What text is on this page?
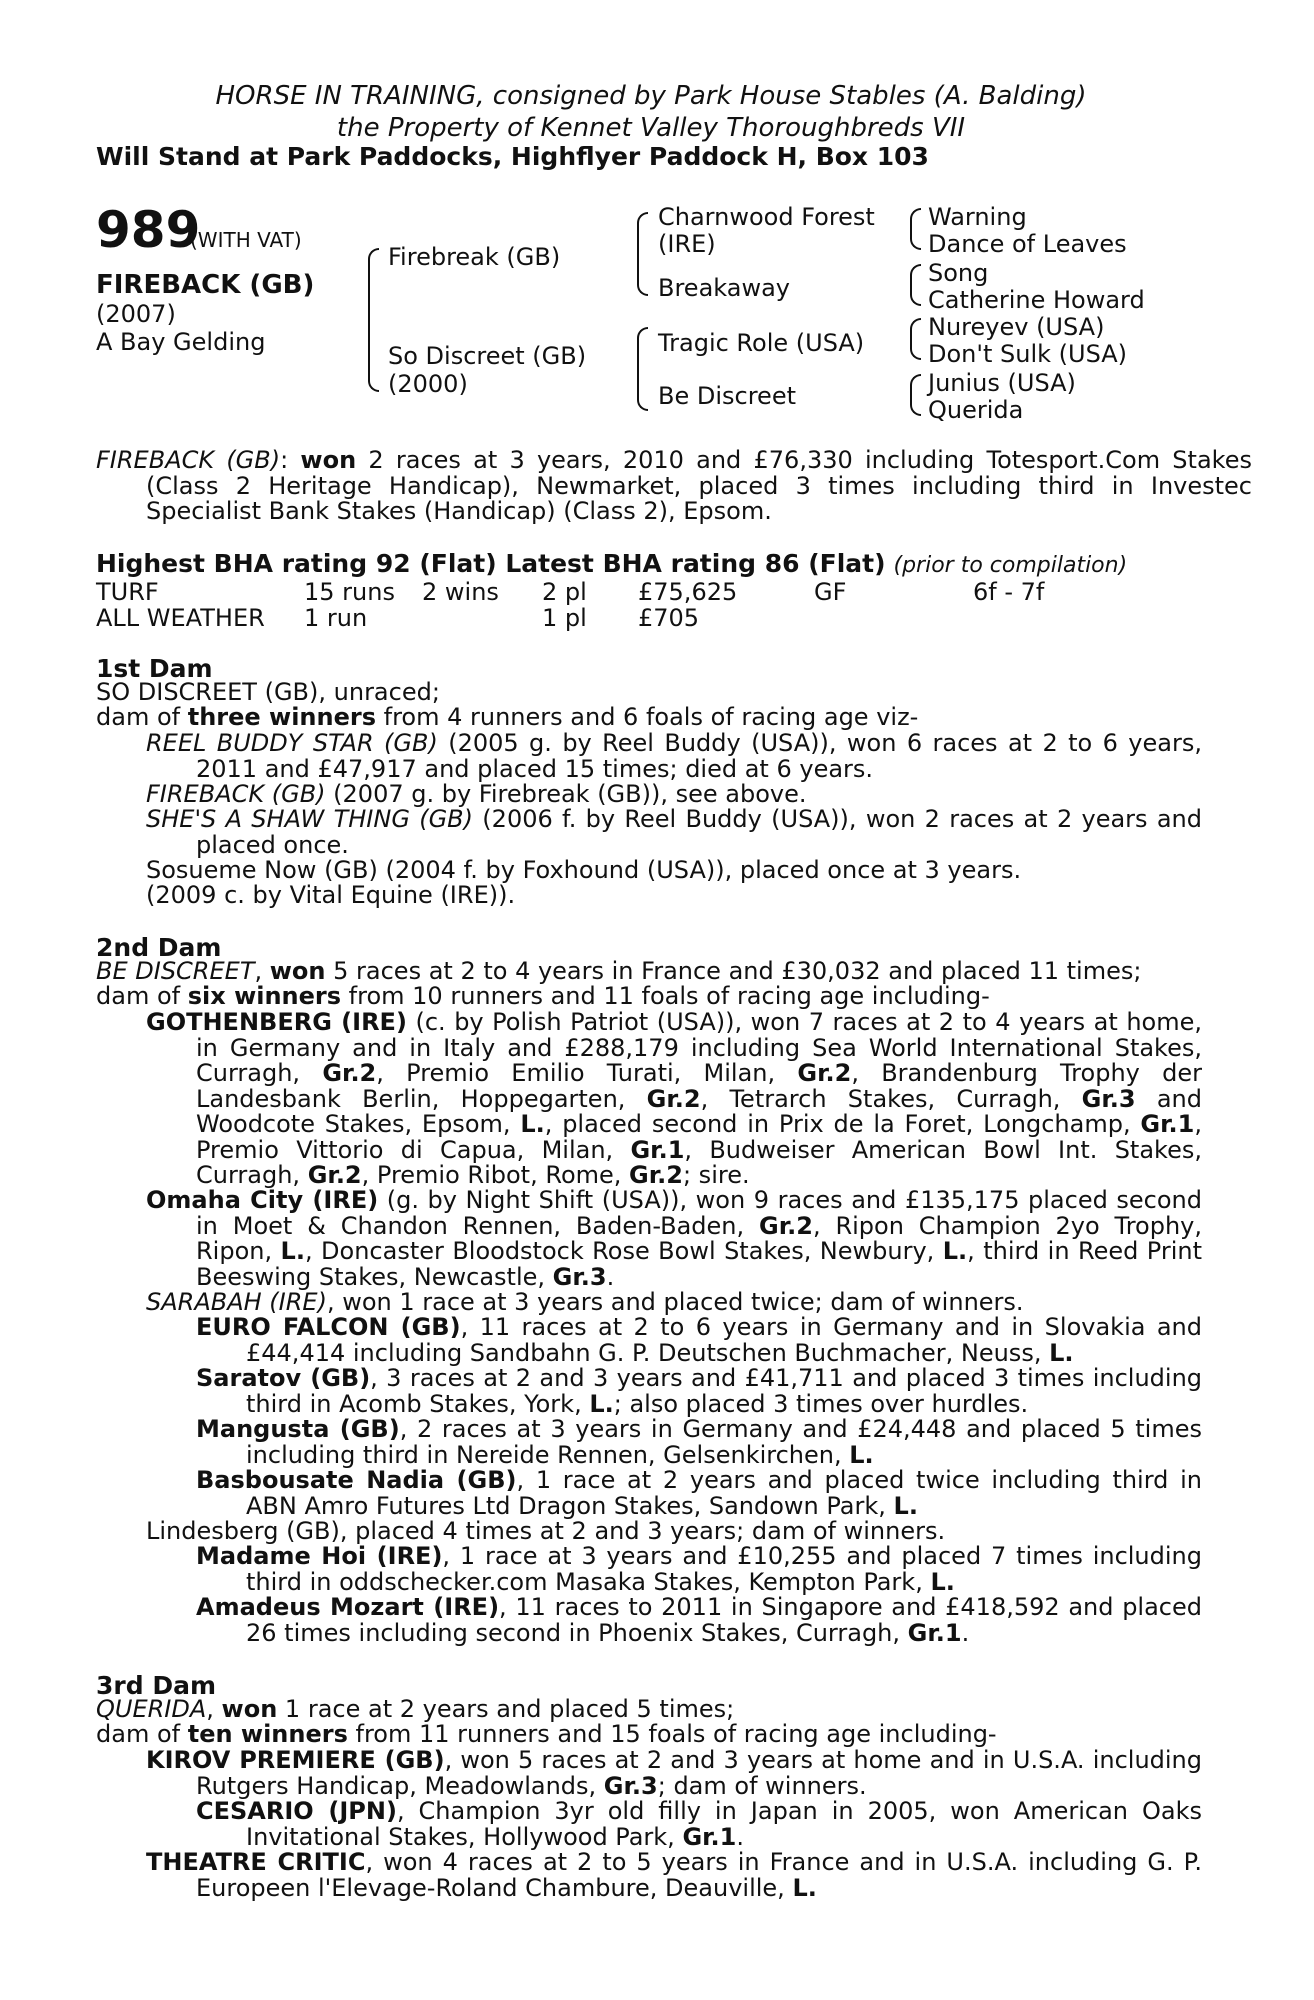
HORSE IN TRAINING, consigned by Park House Stables (A. Balding)
the Property of Kennet Valley Thoroughbreds VII
Will Stand at Park Paddocks, Highflyer Paddock H, Box 103
989
(WITH VAT)
FIREBACK (GB)
(2007)
A Bay Gelding
Firebreak (GB)
So Discreet (GB)
(2000)
Charnwood Forest
(IRE)
Breakaway
Tragic Role (USA)
Be Discreet
Warning
Dance of Leaves
Song
Catherine Howard
Nureyev (USA)
Don't Sulk (USA)
Junius (USA)
Querida
FIREBACK (GB): won 2 races at 3 years, 2010 and £76,330 including Totesport.Com Stakes (Class 2 Heritage Handicap), Newmarket, placed 3 times including third in Investec Specialist Bank Stakes (Handicap) (Class 2), Epsom.
Highest BHA rating 92 (Flat) Latest BHA rating 86 (Flat) (prior to compilation)
TURF	15 runs 2 wins 2 pl £75,625	GF	6f - 7f
ALL WEATHER 1 run	1 pl £705
1st Dam
SO DISCREET (GB), unraced;
dam of three winners from 4 runners and 6 foals of racing age viz-
REEL BUDDY STAR (GB) (2005 g. by Reel Buddy (USA)), won 6 races at 2 to 6 years, 2011 and £47,917 and placed 15 times; died at 6 years.
FIREBACK (GB) (2007 g. by Firebreak (GB)), see above.
SHE'S A SHAW THING (GB) (2006 f. by Reel Buddy (USA)), won 2 races at 2 years and placed once.
Sosueme Now (GB) (2004 f. by Foxhound (USA)), placed once at 3 years.
(2009 c. by Vital Equine (IRE)).
2nd Dam
BE DISCREET, won 5 races at 2 to 4 years in France and £30,032 and placed 11 times;
dam of six winners from 10 runners and 11 foals of racing age including-
GOTHENBERG (IRE) (c. by Polish Patriot (USA)), won 7 races at 2 to 4 years at home, in Germany and in Italy and £288,179 including Sea World International Stakes, Curragh, Gr.2, Premio Emilio Turati, Milan, Gr.2, Brandenburg Trophy der Landesbank Berlin, Hoppegarten, Gr.2, Tetrarch Stakes, Curragh, Gr.3 and Woodcote Stakes, Epsom, L., placed second in Prix de la Foret, Longchamp, Gr.1, Premio Vittorio di Capua, Milan, Gr.1, Budweiser American Bowl Int. Stakes, Curragh, Gr.2, Premio Ribot, Rome, Gr.2; sire.
Omaha City (IRE) (g. by Night Shift (USA)), won 9 races and £135,175 placed second in Moet & Chandon Rennen, Baden-Baden, Gr.2, Ripon Champion 2yo Trophy, Ripon, L., Doncaster Bloodstock Rose Bowl Stakes, Newbury, L., third in Reed Print Beeswing Stakes, Newcastle, Gr.3.
SARABAH (IRE), won 1 race at 3 years and placed twice; dam of winners.
EURO FALCON (GB), 11 races at 2 to 6 years in Germany and in Slovakia and £44,414 including Sandbahn G. P. Deutschen Buchmacher, Neuss, L.
Saratov (GB), 3 races at 2 and 3 years and £41,711 and placed 3 times including third in Acomb Stakes, York, L.; also placed 3 times over hurdles.
Mangusta (GB), 2 races at 3 years in Germany and £24,448 and placed 5 times including third in Nereide Rennen, Gelsenkirchen, L.
Basbousate Nadia (GB), 1 race at 2 years and placed twice including third in ABN Amro Futures Ltd Dragon Stakes, Sandown Park, L.
Lindesberg (GB), placed 4 times at 2 and 3 years; dam of winners.
Madame Hoi (IRE), 1 race at 3 years and £10,255 and placed 7 times including third in oddschecker.com Masaka Stakes, Kempton Park, L.
Amadeus Mozart (IRE), 11 races to 2011 in Singapore and £418,592 and placed 26 times including second in Phoenix Stakes, Curragh, Gr.1.
3rd Dam
QUERIDA, won 1 race at 2 years and placed 5 times;
dam of ten winners from 11 runners and 15 foals of racing age including-
KIROV PREMIERE (GB), won 5 races at 2 and 3 years at home and in U.S.A. including Rutgers Handicap, Meadowlands, Gr.3; dam of winners.
CESARIO (JPN), Champion 3yr old filly in Japan in 2005, won American Oaks Invitational Stakes, Hollywood Park, Gr.1.
THEATRE CRITIC, won 4 races at 2 to 5 years in France and in U.S.A. including G. P. Europeen l'Elevage-Roland Chambure, Deauville, L.
